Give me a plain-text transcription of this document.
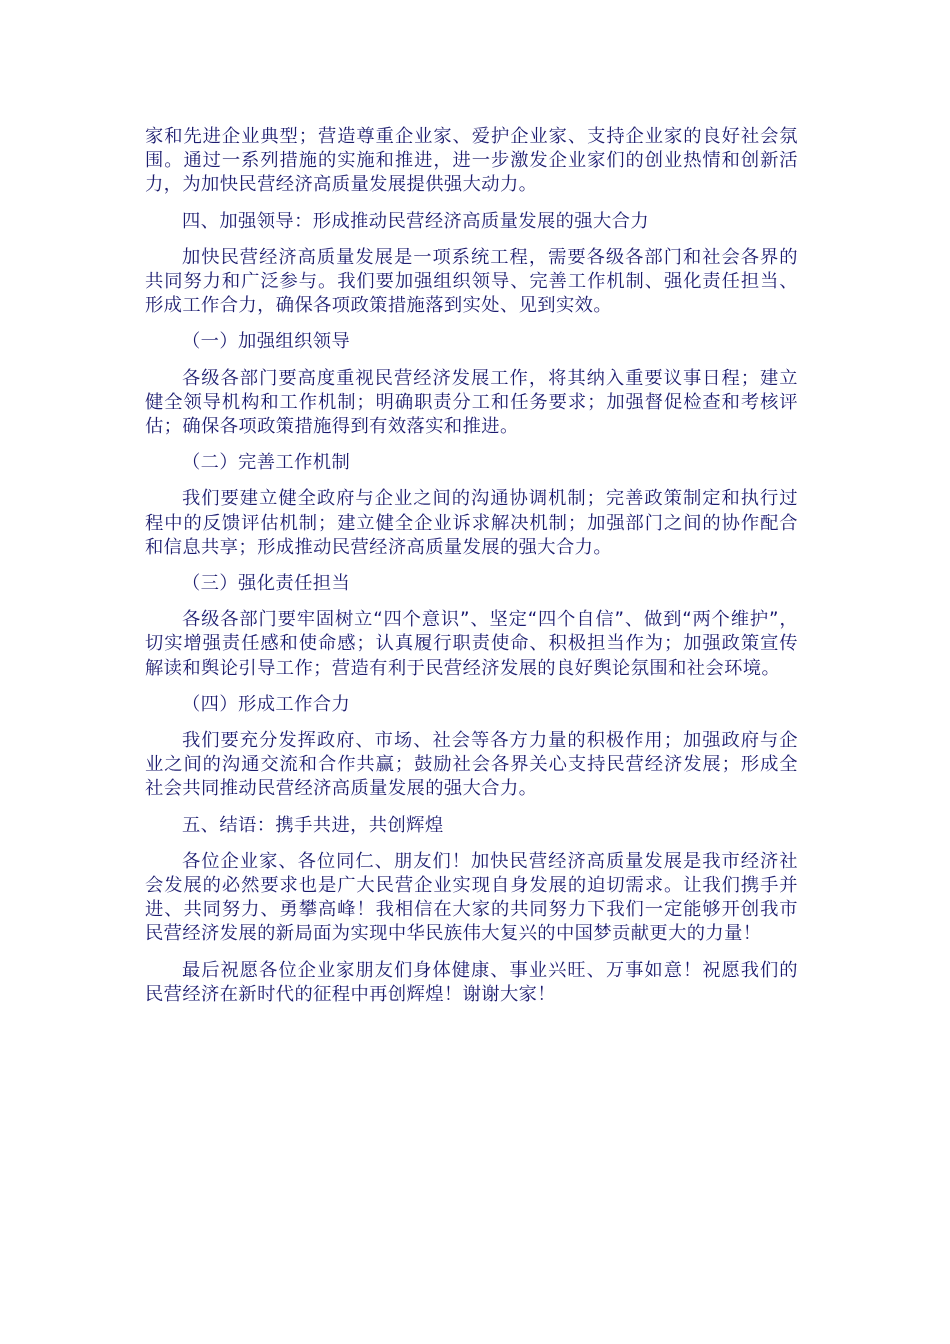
家和先进企业典型；营造尊重企业家、爱护企业家、支持企业家的良好社会氛围。通过一系列措施的实施和推进，进一步激发企业家们的创业热情和创新活力，为加快民营经济高质量发展提供强大动力。

四、加强领导：形成推动民营经济高质量发展的强大合力

加快民营经济高质量发展是一项系统工程，需要各级各部门和社会各界的共同努力和广泛参与。我们要加强组织领导、完善工作机制、强化责任担当、形成工作合力，确保各项政策措施落到实处、见到实效。

（一）加强组织领导

各级各部门要高度重视民营经济发展工作，将其纳入重要议事日程；建立健全领导机构和工作机制；明确职责分工和任务要求；加强督促检查和考核评估；确保各项政策措施得到有效落实和推进。

（二）完善工作机制

我们要建立健全政府与企业之间的沟通协调机制；完善政策制定和执行过程中的反馈评估机制；建立健全企业诉求解决机制；加强部门之间的协作配合和信息共享；形成推动民营经济高质量发展的强大合力。

（三）强化责任担当

各级各部门要牢固树立“四个意识”、坚定“四个自信”、做到“两个维护”，切实增强责任感和使命感；认真履行职责使命、积极担当作为；加强政策宣传解读和舆论引导工作；营造有利于民营经济发展的良好舆论氛围和社会环境。

（四）形成工作合力

我们要充分发挥政府、市场、社会等各方力量的积极作用；加强政府与企业之间的沟通交流和合作共赢；鼓励社会各界关心支持民营经济发展；形成全社会共同推动民营经济高质量发展的强大合力。

五、结语：携手共进，共创辉煌

各位企业家、各位同仁、朋友们！加快民营经济高质量发展是我市经济社会发展的必然要求也是广大民营企业实现自身发展的迫切需求。让我们携手并进、共同努力、勇攀高峰！我相信在大家的共同努力下我们一定能够开创我市民营经济发展的新局面为实现中华民族伟大复兴的中国梦贡献更大的力量！

最后祝愿各位企业家朋友们身体健康、事业兴旺、万事如意！祝愿我们的民营经济在新时代的征程中再创辉煌！谢谢大家！
